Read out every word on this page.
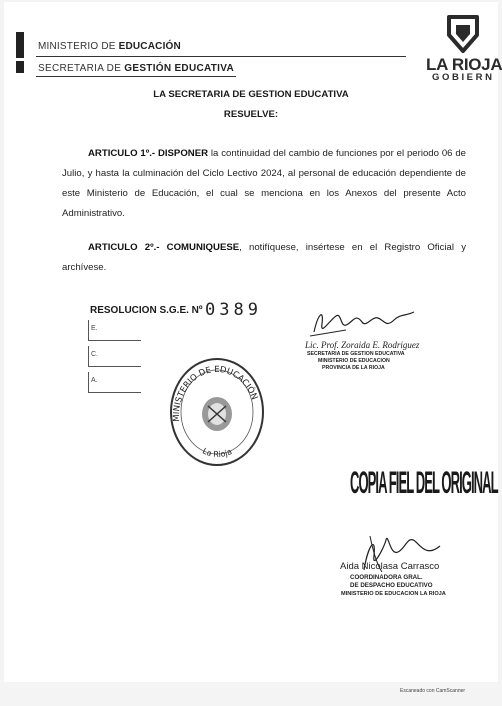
MINISTERIO DE EDUCACIÓN
SECRETARIA DE GESTIÓN EDUCATIVA	LA RIOJA
GOBIERN
LA SECRETARIA DE GESTION EDUCATIVA
RESUELVE:
ARTICULO 1º.- DISPONER la continuidad del cambio de funciones por el periodo 06 de Julio, y hasta la culminación del Ciclo Lectivo 2024, al personal de educación dependiente de este Ministerio de Educación, el cual se menciona en los Anexos del presente Acto Administrativo.
ARTICULO 2º.- COMUNIQUESE, notifíquese, insértese en el Registro Oficial y archívese.
RESOLUCION S.G.E. Nº 0389
E.
C.
A.
Lic. Prof. Zoraida E. Rodriguez
SECRETARIA DE GESTION EDUCATIVA
MINISTERIO DE EDUCACION
PROVINCIA DE LA RIOJA
MINISTERIO DE EDUCACIÓN
La Rioja
COPIA FIEL DEL ORIGINAL
Aida Nicolasa Carrasco
COORDINADORA GRAL.
DE DESPACHO EDUCATIVO
MINISTERIO DE EDUCACION LA RIOJA
Escaneado con CamScanner
